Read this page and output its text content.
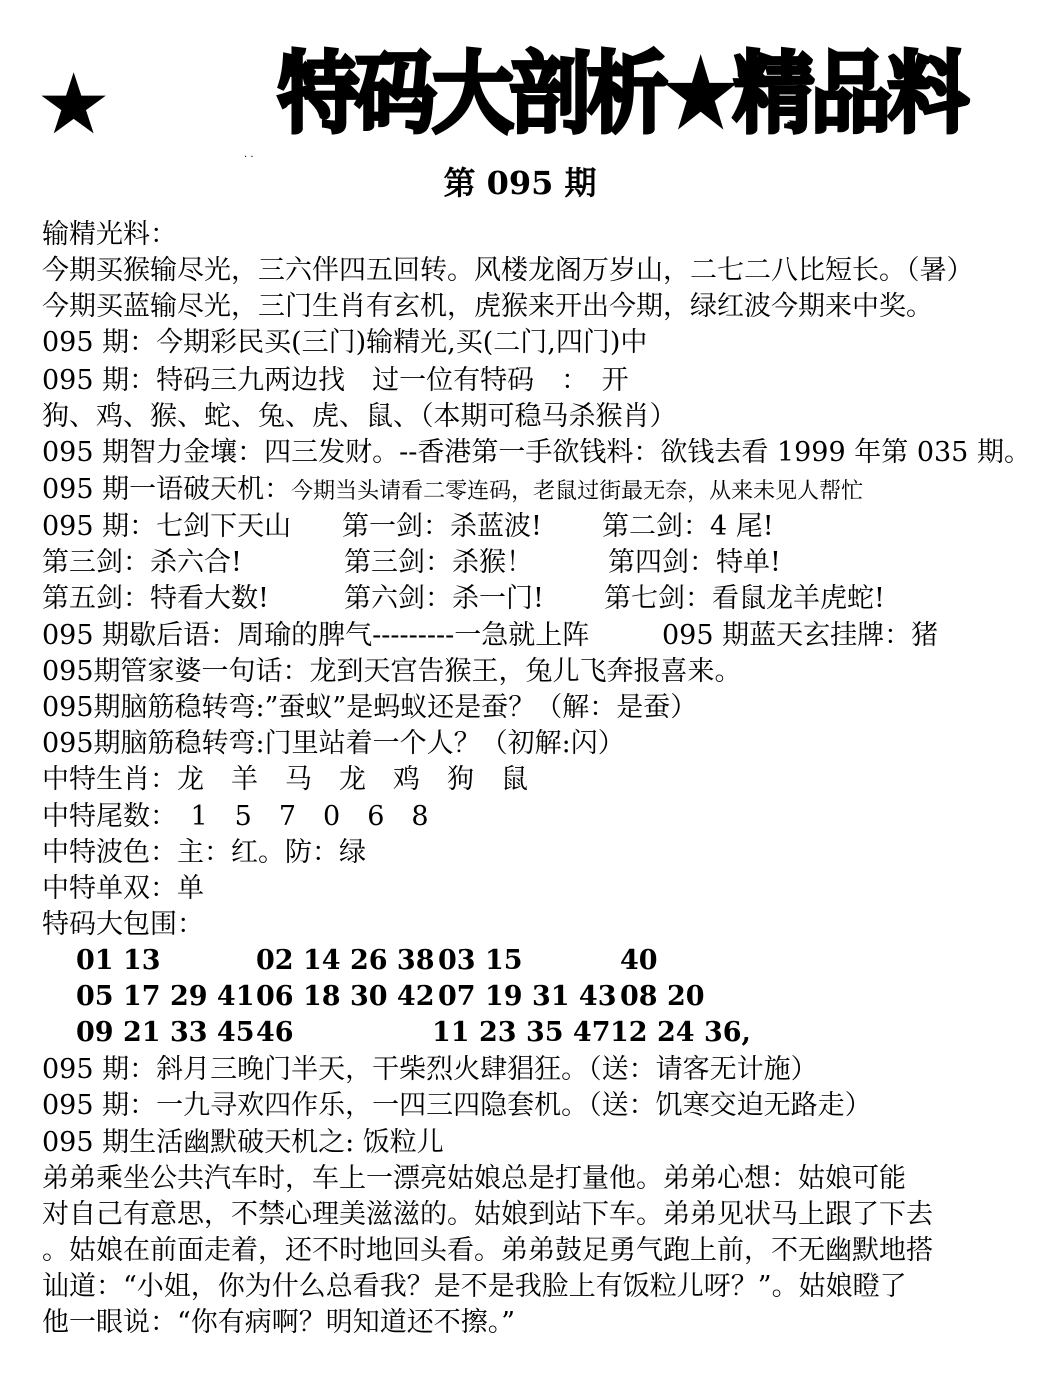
★ 特码大剖析★精品料
· ·
第 095 期
输精光料：
今期买猴输尽光，三六伴四五回转。风楼龙阁万岁山，二七二八比短长。（暑）
今期买蓝输尽光，三门生肖有玄机，虎猴来开出今期，绿红波今期来中奖。
095 期：今期彩民买(三门)输精光,买(二门,四门)中
095 期：特码三九两边找　过一位有特码　：　开
狗、鸡、猴、蛇、兔、虎、鼠、（本期可稳马杀猴肖）
095 期智力金壤：四三发财。--香港第一手欲钱料：欲钱去看 1999 年第 035 期。
095 期一语破天机：今期当头请看二零连码，老鼠过街最无奈，从来未见人帮忙
095 期：七剑下天山 第一剑：杀蓝波! 第二剑：4 尾!
第三剑：杀六合!	第三剑：杀猴！	第四剑：特单!
第五剑：特看大数!	第六剑：杀一门! 第七剑：看鼠龙羊虎蛇!
095 期歇后语：周瑜的脾气---------一急就上阵	095 期蓝天玄挂牌：猪
095期管家婆一句话：龙到天宫告猴王，兔儿飞奔报喜来。
095期脑筋稳转弯:”蚕蚁”是蚂蚁还是蚕？（解：是蚕）
095期脑筋稳转弯:门里站着一个人？（初解:闪）
中特生肖：龙　羊　马　龙　鸡　狗　鼠
中特尾数：　1　5　7　0　6　8
中特波色：主：红。防：绿
中特单双：单
特码大包围：
01 13	02 14 26 38 03 15	40
05 17 29 41 06 18 30 42 07 19 31 43 08 20
09 21 33 45 46	11 23 35 47 12 24 36,
095 期：斜月三晚门半天，干柴烈火肆猖狂。（送：请客无计施）
095 期：一九寻欢四作乐，一四三四隐套机。（送：饥寒交迫无路走）
095 期生活幽默破天机之: 饭粒儿
弟弟乘坐公共汽车时，车上一漂亮姑娘总是打量他。弟弟心想：姑娘可能
对自己有意思，不禁心理美滋滋的。姑娘到站下车。弟弟见状马上跟了下去
。姑娘在前面走着，还不时地回头看。弟弟鼓足勇气跑上前，不无幽默地搭
讪道：“小姐，你为什么总看我？是不是我脸上有饭粒儿呀？”。姑娘瞪了
他一眼说：“你有病啊？明知道还不擦。”
